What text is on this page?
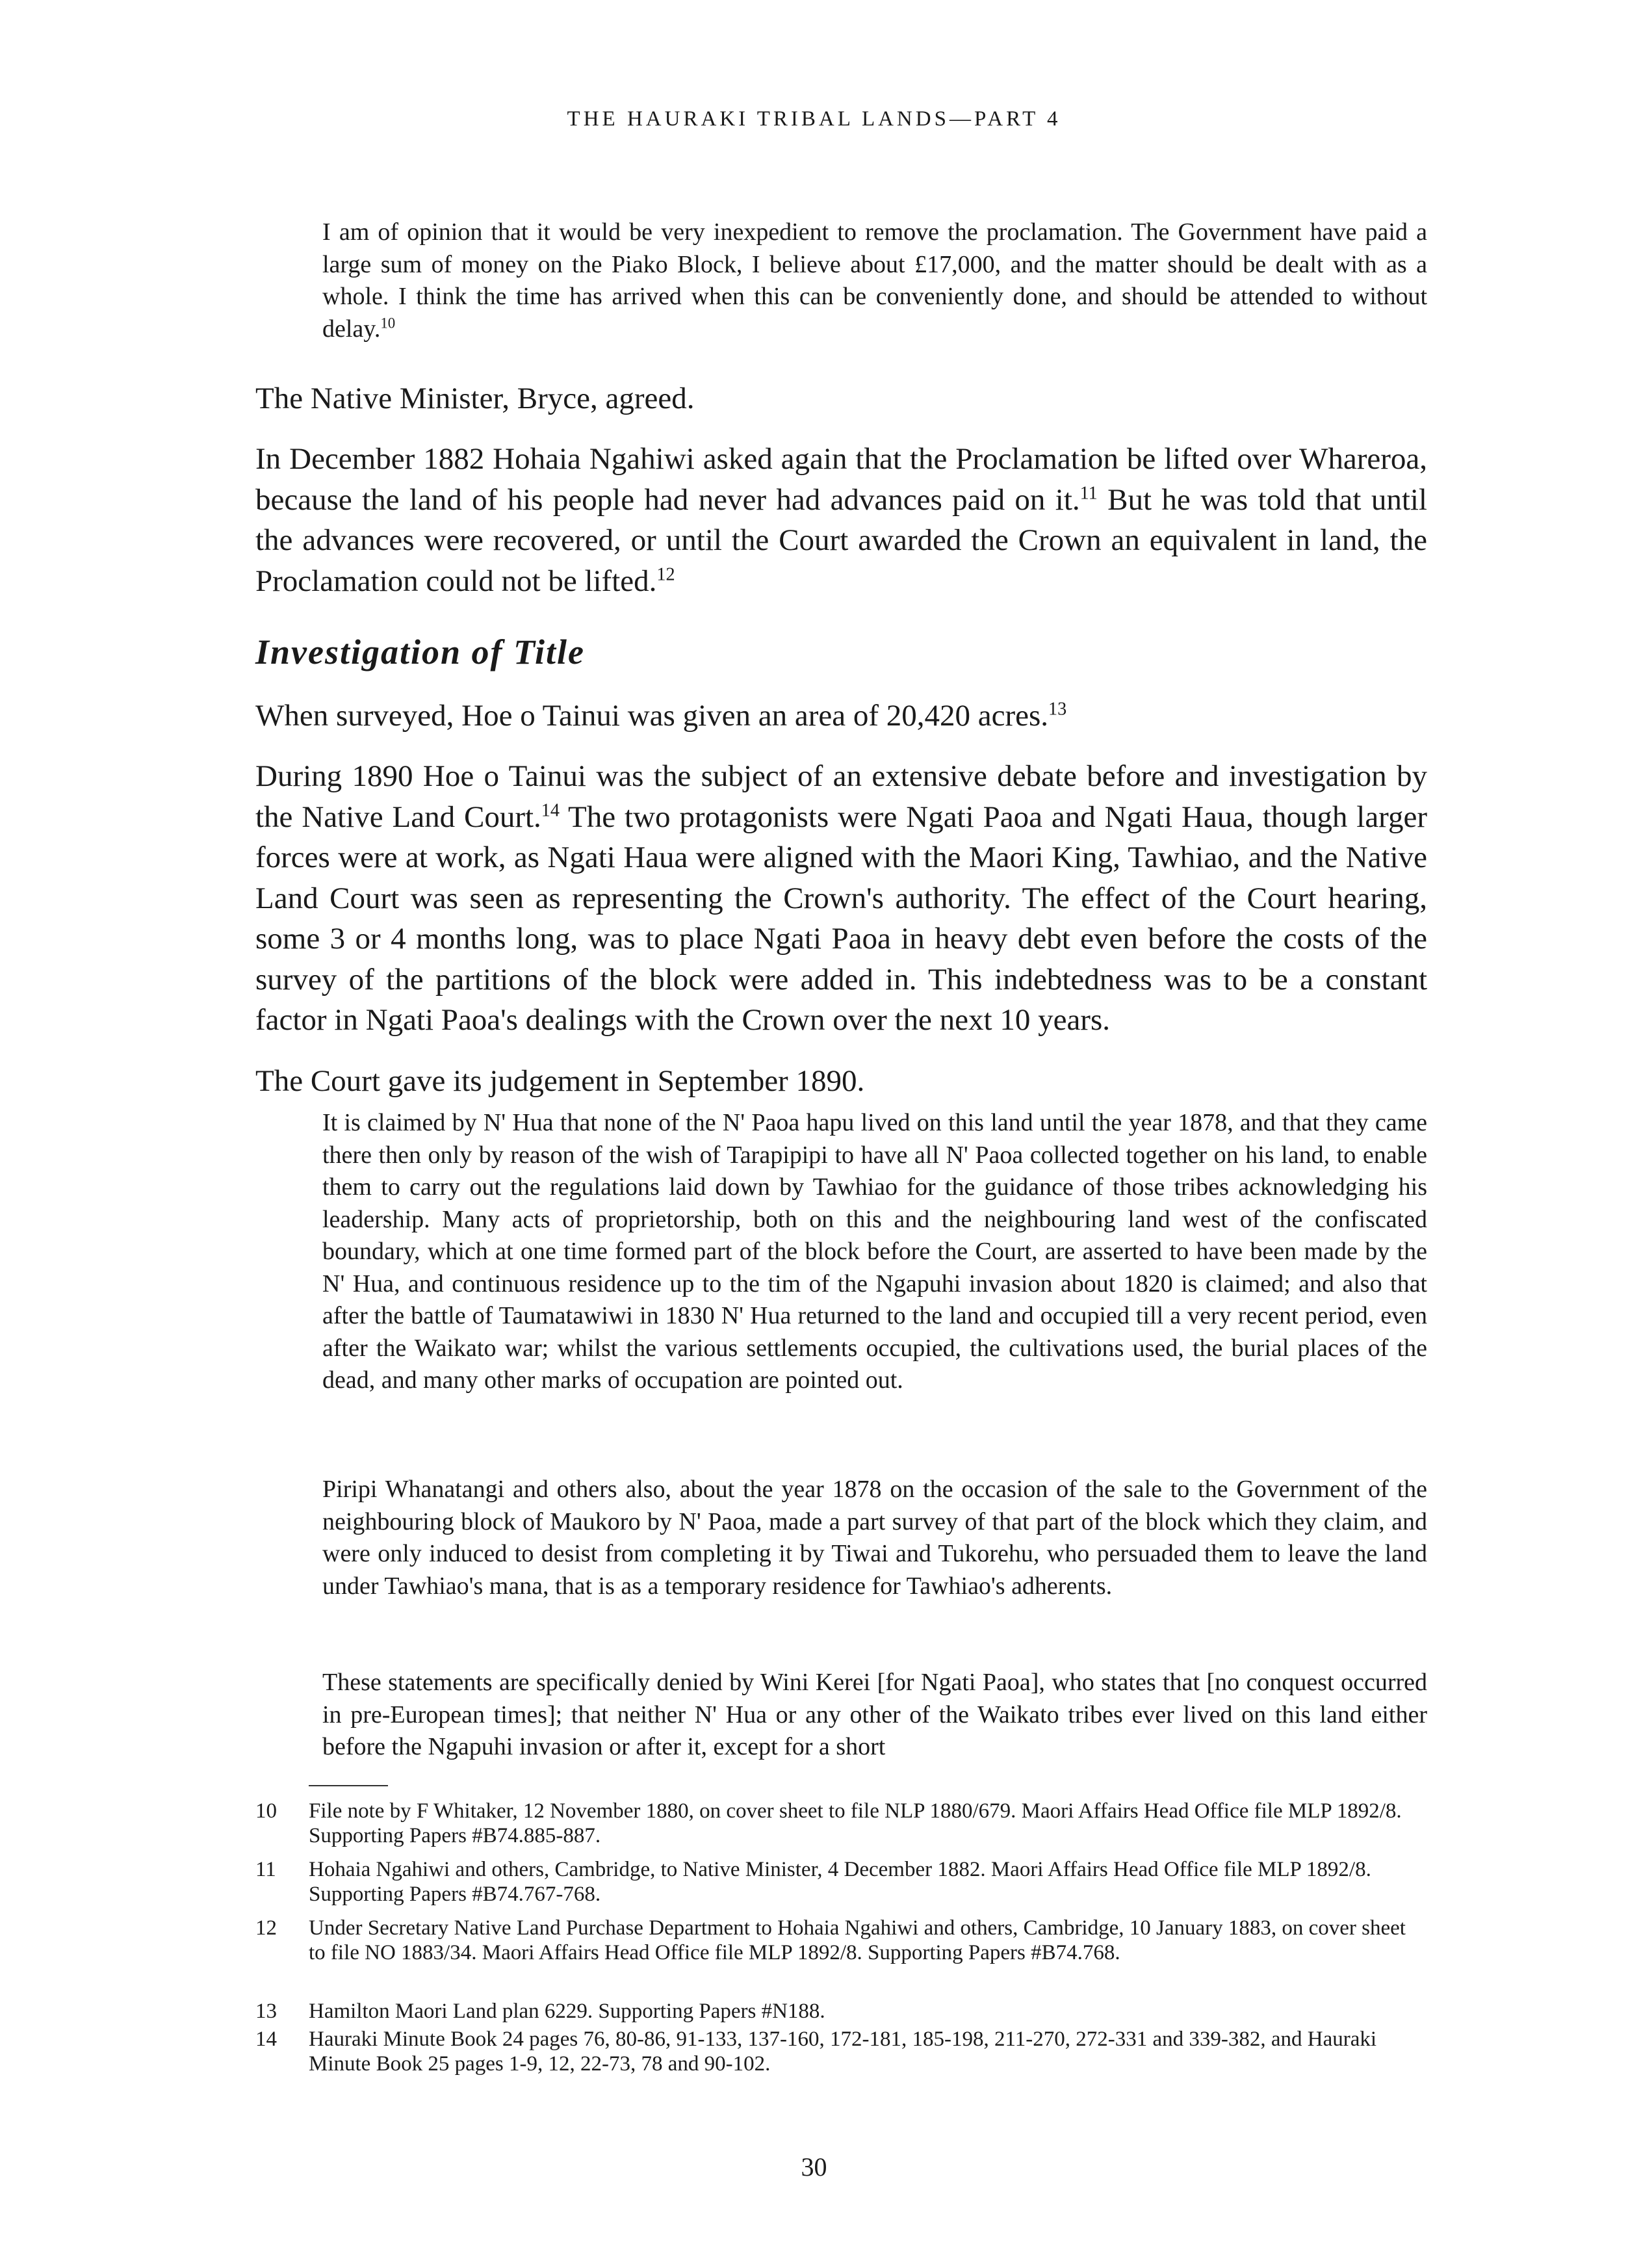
THE HAURAKI TRIBAL LANDS—PART 4
I am of opinion that it would be very inexpedient to remove the proclamation. The Government have paid a large sum of money on the Piako Block, I believe about £17,000, and the matter should be dealt with as a whole. I think the time has arrived when this can be conveniently done, and should be attended to without delay.$^{10}$
The Native Minister, Bryce, agreed.
In December 1882 Hohaia Ngahiwi asked again that the Proclamation be lifted over Whareroa, because the land of his people had never had advances paid on it.$^{11}$ But he was told that until the advances were recovered, or until the Court awarded the Crown an equivalent in land, the Proclamation could not be lifted.$^{12}$
Investigation of Title
When surveyed, Hoe o Tainui was given an area of 20,420 acres.$^{13}$
During 1890 Hoe o Tainui was the subject of an extensive debate before and investigation by the Native Land Court.$^{14}$ The two protagonists were Ngati Paoa and Ngati Haua, though larger forces were at work, as Ngati Haua were aligned with the Maori King, Tawhiao, and the Native Land Court was seen as representing the Crown's authority. The effect of the Court hearing, some 3 or 4 months long, was to place Ngati Paoa in heavy debt even before the costs of the survey of the partitions of the block were added in. This indebtedness was to be a constant factor in Ngati Paoa's dealings with the Crown over the next 10 years.
The Court gave its judgement in September 1890.
It is claimed by N' Hua that none of the N' Paoa hapu lived on this land until the year 1878, and that they came there then only by reason of the wish of Tarapipipi to have all N' Paoa collected together on his land, to enable them to carry out the regulations laid down by Tawhiao for the guidance of those tribes acknowledging his leadership. Many acts of proprietorship, both on this and the neighbouring land west of the confiscated boundary, which at one time formed part of the block before the Court, are asserted to have been made by the N' Hua, and continuous residence up to the tim of the Ngapuhi invasion about 1820 is claimed; and also that after the battle of Taumatawiwi in 1830 N' Hua returned to the land and occupied till a very recent period, even after the Waikato war; whilst the various settlements occupied, the cultivations used, the burial places of the dead, and many other marks of occupation are pointed out.
Piripi Whanatangi and others also, about the year 1878 on the occasion of the sale to the Government of the neighbouring block of Maukoro by N' Paoa, made a part survey of that part of the block which they claim, and were only induced to desist from completing it by Tiwai and Tukorehu, who persuaded them to leave the land under Tawhiao's mana, that is as a temporary residence for Tawhiao's adherents.
These statements are specifically denied by Wini Kerei [for Ngati Paoa], who states that [no conquest occurred in pre-European times]; that neither N' Hua or any other of the Waikato tribes ever lived on this land either before the Ngapuhi invasion or after it, except for a short
10	File note by F Whitaker, 12 November 1880, on cover sheet to file NLP 1880/679. Maori Affairs Head Office file MLP 1892/8. Supporting Papers #B74.885-887.
11	Hohaia Ngahiwi and others, Cambridge, to Native Minister, 4 December 1882. Maori Affairs Head Office file MLP 1892/8. Supporting Papers #B74.767-768.
12	Under Secretary Native Land Purchase Department to Hohaia Ngahiwi and others, Cambridge, 10 January 1883, on cover sheet to file NO 1883/34. Maori Affairs Head Office file MLP 1892/8. Supporting Papers #B74.768.
13	Hamilton Maori Land plan 6229. Supporting Papers #N188.
14	Hauraki Minute Book 24 pages 76, 80-86, 91-133, 137-160, 172-181, 185-198, 211-270, 272-331 and 339-382, and Hauraki Minute Book 25 pages 1-9, 12, 22-73, 78 and 90-102.
30
